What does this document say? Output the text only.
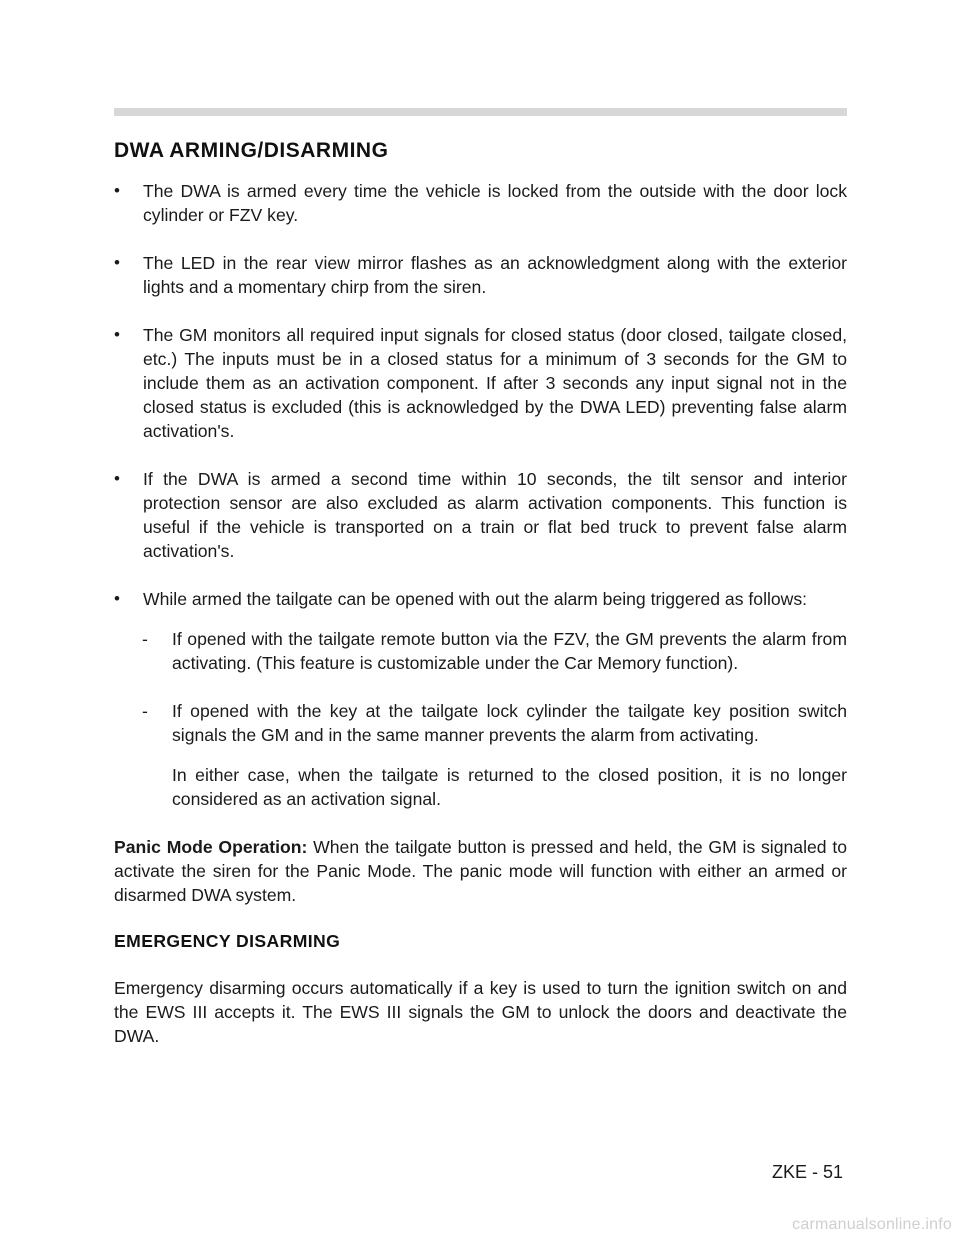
DWA ARMING/DISARMING
•	The DWA is armed every time the vehicle is locked from the outside with the door lock cylinder or FZV key.
•	The LED in the rear view mirror flashes as an acknowledgment along with the exterior lights and a momentary chirp from the siren.
•	The GM monitors all required input signals for closed status (door closed, tailgate closed, etc.) The inputs must be in a closed status for a minimum of 3 seconds for the GM to include them as an activation component. If after 3 seconds any input signal not in the closed status is excluded (this is acknowledged by the DWA LED) preventing false alarm activation's.
•	If the DWA is armed a second time within 10 seconds, the tilt sensor and interior protection sensor are also excluded as alarm activation components. This function is useful if the vehicle is transported on a train or flat bed truck to prevent false alarm activation's.
•	While armed the tailgate can be opened with out the alarm being triggered as follows:
- If opened with the tailgate remote button via the FZV, the GM prevents the alarm from activating. (This feature is customizable under the Car Memory function).
- If opened with the key at the tailgate lock cylinder the tailgate key position switch signals the GM and in the same manner prevents the alarm from activating.
In either case, when the tailgate is returned to the closed position, it is no longer considered as an activation signal.

Panic Mode Operation: When the tailgate button is pressed and held, the GM is signaled to activate the siren for the Panic Mode. The panic mode will function with either an armed or disarmed DWA system.

EMERGENCY DISARMING

Emergency disarming occurs automatically if a key is used to turn the ignition switch on and the EWS III accepts it. The EWS III signals the GM to unlock the doors and deactivate the DWA.

ZKE - 51
carmanualsonline.info
